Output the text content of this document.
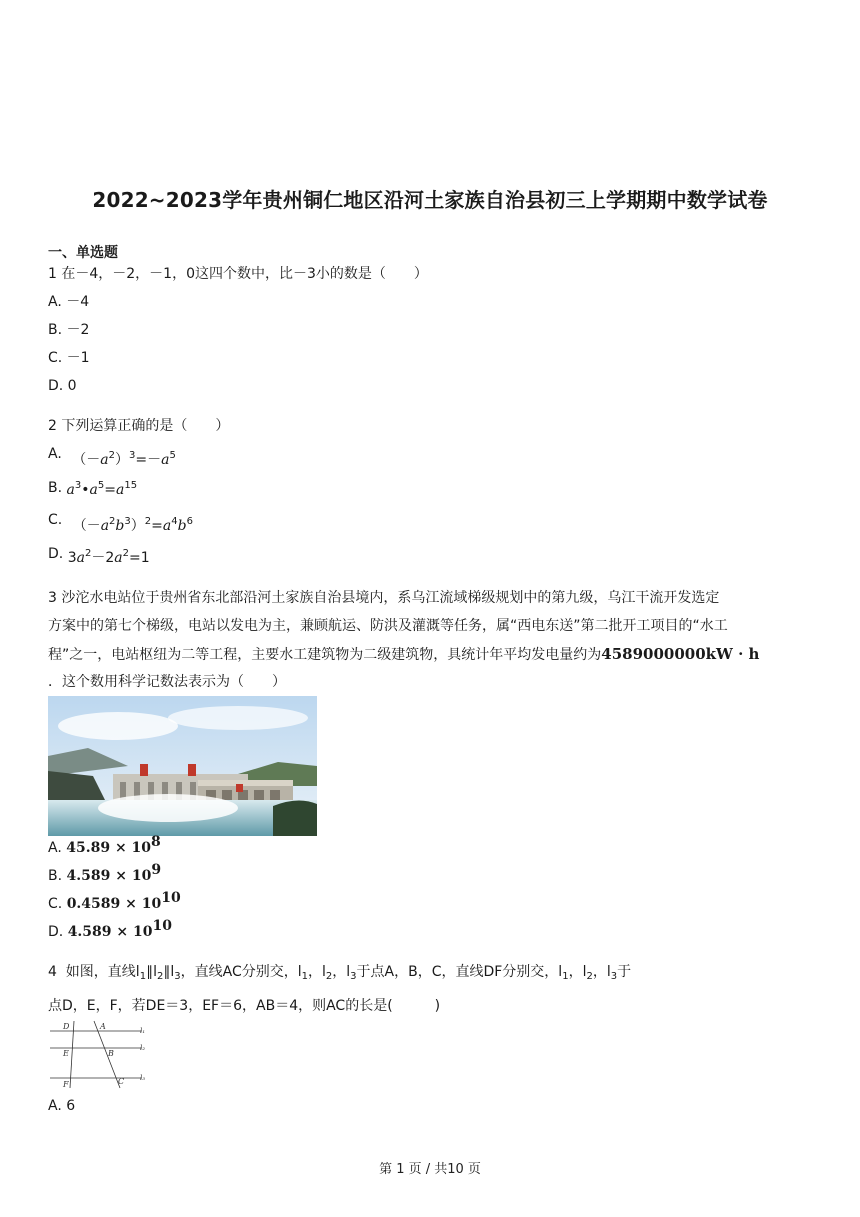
2022~2023学年贵州铜仁地区沿河土家族自治县初三上学期期中数学试卷
一、单选题
1 在－4，－2，－1，0这四个数中，比－3小的数是（　　）
A. －4
B. －2
C. －1
D. 0
2 下列运算正确的是（　　）
A. $(-a^2)^3=-a^5$
B. $a^3•a^5=a^{15}$
C. $(-a^2b^3)^2=a^4b^6$
D. $3a^2-2a^2=1$
3 沙沱水电站位于贵州省东北部沿河土家族自治县境内，系乌江流域梯级规划中的第九级，乌江干流开发选定
方案中的第七个梯级，电站以发电为主，兼顾航运、防洪及灌溉等任务，属“西电东送”第二批开工项目的“水工
程”之一，电站枢纽为二等工程，主要水工建筑物为二级建筑物，具统计年平均发电量约为4589000000kW · h
．这个数用科学记数法表示为（　　）
A. $45.89 \times 10^8$
B. $4.589 \times 10^9$
C. $0.4589 \times 10^{10}$
D. $4.589 \times 10^{10}$
4  如图，直线$l_1\parallel l_2\parallel l_3$，直线AC分别交，$l_1$，$l_2$，$l_3$于点A，B，C，直线DF分别交，$l_1$，$l_2$，$l_3$于
点D，E，F，若DE＝3，EF＝6，AB＝4，则AC的长是(　　　)
D	A
E	B
F	C
l₁
l₂
l₃
A. 6
第 1 页 / 共10 页
